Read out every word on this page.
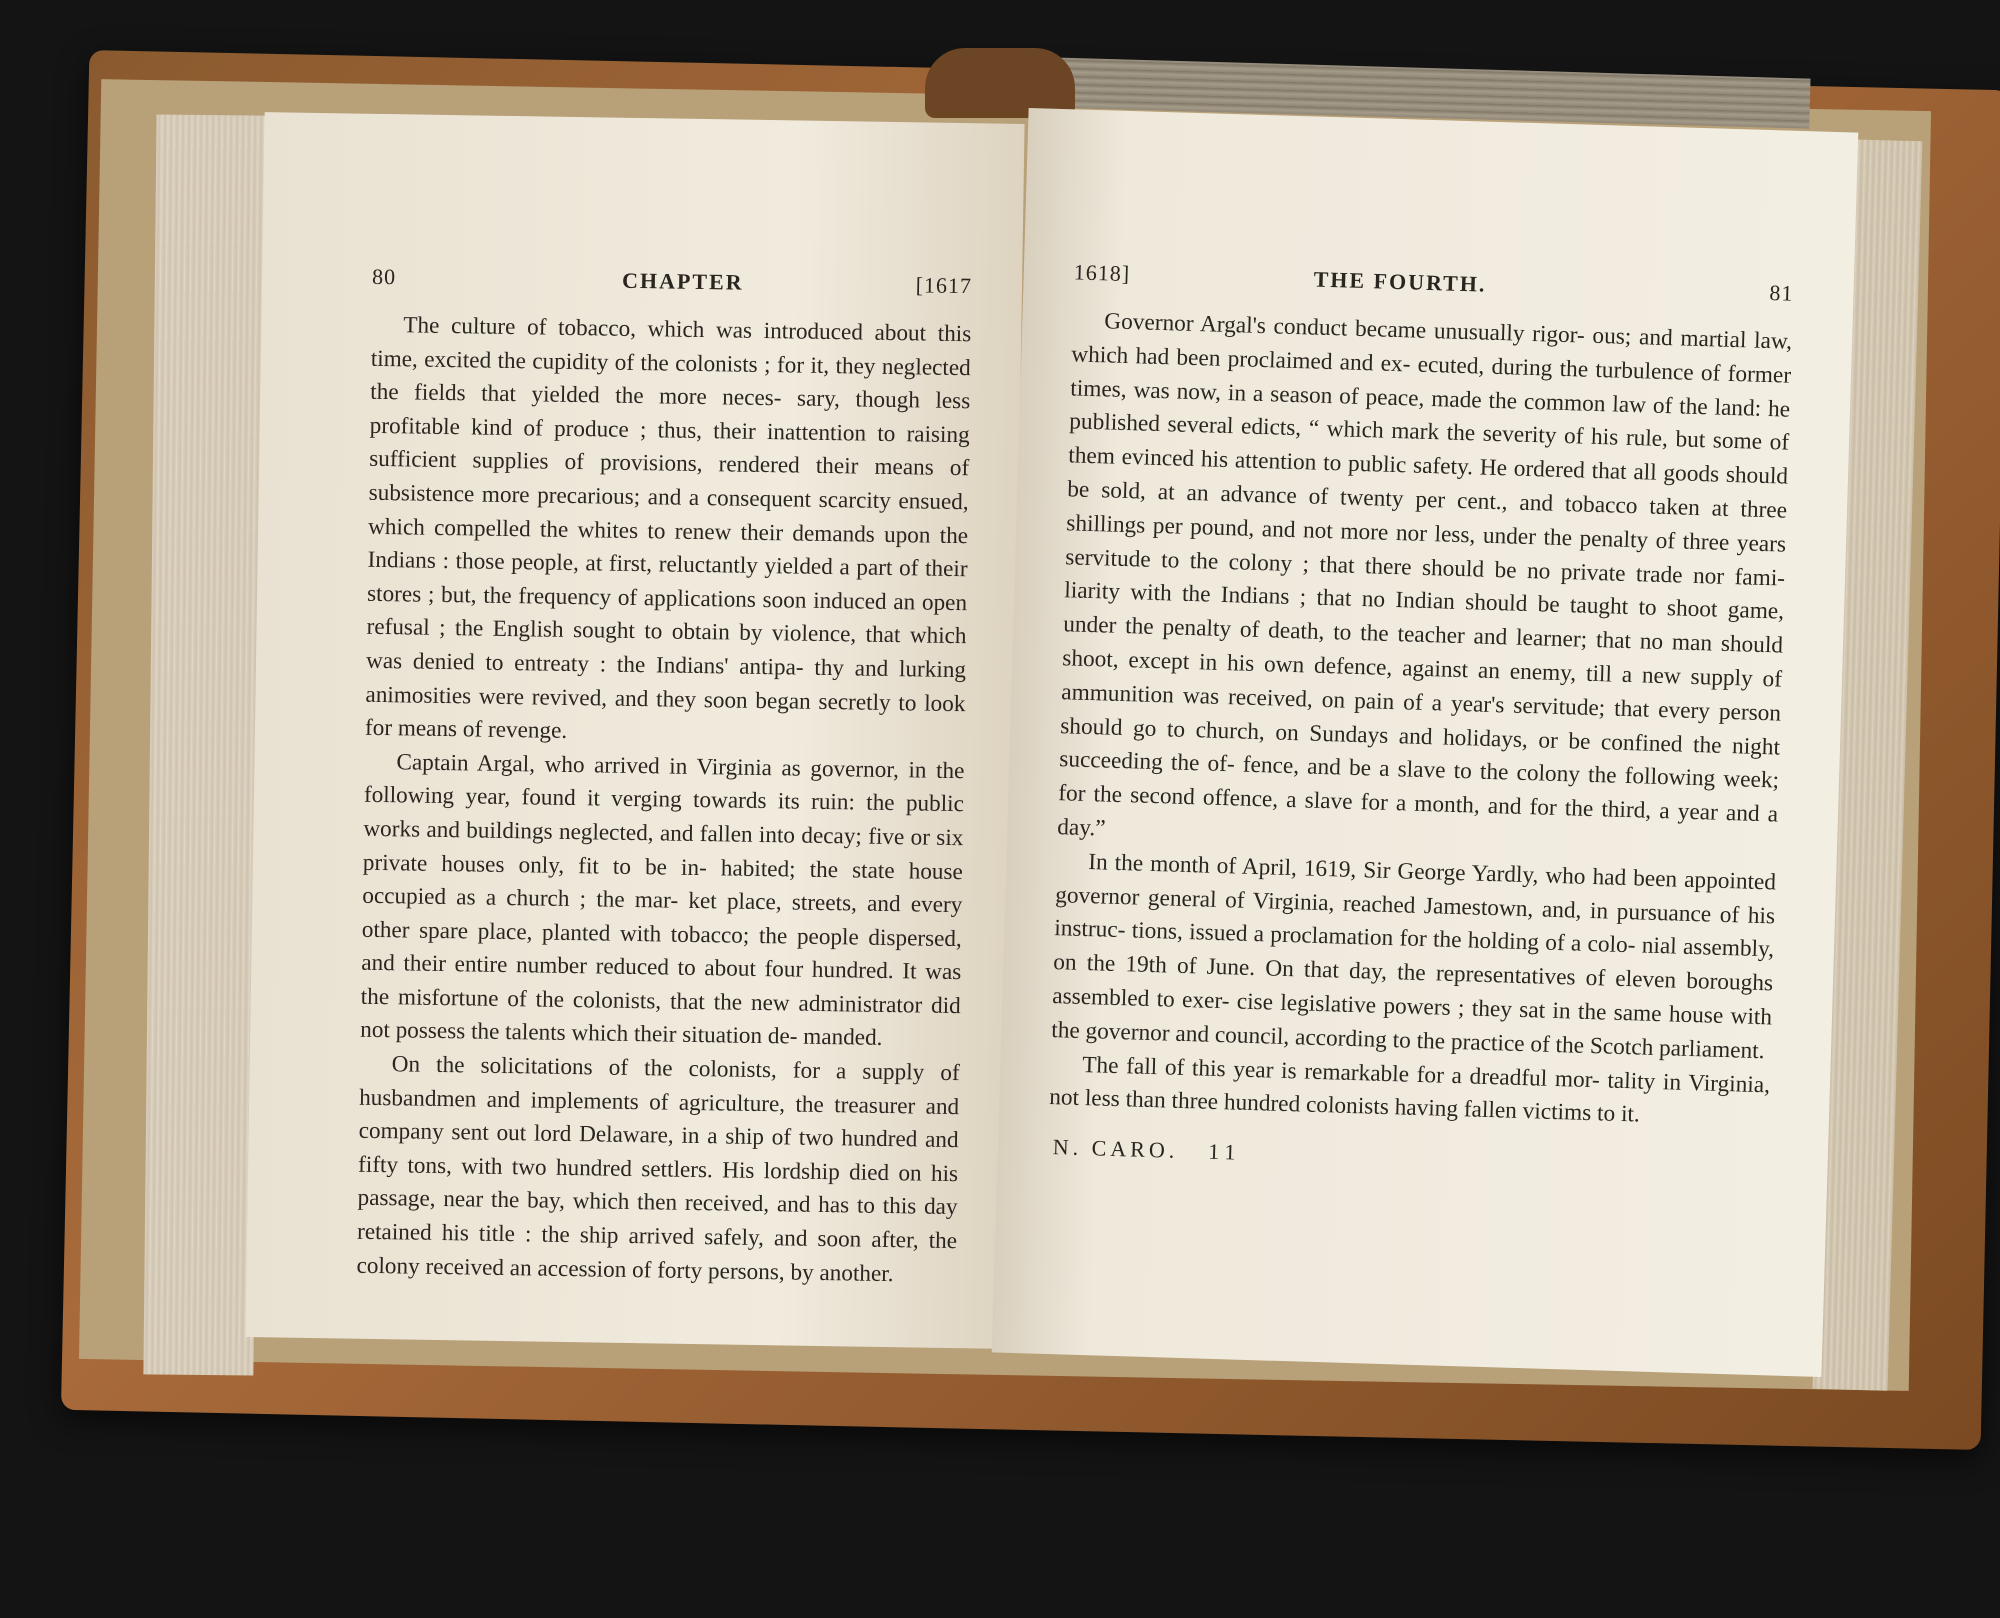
80	CHAPTER	[1617

The culture of tobacco, which was introduced about this time, excited the cupidity of the colonists ; for it, they neglected the fields that yielded the more neces- sary, though less profitable kind of produce ; thus, their inattention to raising sufficient supplies of provisions, rendered their means of subsistence more precarious; and a consequent scarcity ensued, which compelled the whites to renew their demands upon the Indians : those people, at first, reluctantly yielded a part of their stores ; but, the frequency of applications soon induced an open refusal ; the English sought to obtain by violence, that which was denied to entreaty : the Indians' antipa- thy and lurking animosities were revived, and they soon began secretly to look for means of revenge.

Captain Argal, who arrived in Virginia as governor, in the following year, found it verging towards its ruin: the public works and buildings neglected, and fallen into decay; five or six private houses only, fit to be in- habited; the state house occupied as a church ; the mar- ket place, streets, and every other spare place, planted with tobacco; the people dispersed, and their entire number reduced to about four hundred. It was the misfortune of the colonists, that the new administrator did not possess the talents which their situation de- manded.

On the solicitations of the colonists, for a supply of husbandmen and implements of agriculture, the treasurer and company sent out lord Delaware, in a ship of two hundred and fifty tons, with two hundred settlers. His lordship died on his passage, near the bay, which then received, and has to this day retained his title : the ship arrived safely, and soon after, the colony received an accession of forty persons, by another.

1618]	THE FOURTH.	81

Governor Argal's conduct became unusually rigor- ous; and martial law, which had been proclaimed and ex- ecuted, during the turbulence of former times, was now, in a season of peace, made the common law of the land: he published several edicts, “ which mark the severity of his rule, but some of them evinced his attention to public safety. He ordered that all goods should be sold, at an advance of twenty per cent., and tobacco taken at three shillings per pound, and not more nor less, under the penalty of three years servitude to the colony ; that there should be no private trade nor fami- liarity with the Indians ; that no Indian should be taught to shoot game, under the penalty of death, to the teacher and learner; that no man should shoot, except in his own defence, against an enemy, till a new supply of ammunition was received, on pain of a year's servitude; that every person should go to church, on Sundays and holidays, or be confined the night succeeding the of- fence, and be a slave to the colony the following week; for the second offence, a slave for a month, and for the third, a year and a day.”

In the month of April, 1619, Sir George Yardly, who had been appointed governor general of Virginia, reached Jamestown, and, in pursuance of his instruc- tions, issued a proclamation for the holding of a colo- nial assembly, on the 19th of June. On that day, the representatives of eleven boroughs assembled to exer- cise legislative powers ; they sat in the same house with the governor and council, according to the practice of the Scotch parliament.

The fall of this year is remarkable for a dreadful mor- tality in Virginia, not less than three hundred colonists having fallen victims to it.

N. CARO. 11
